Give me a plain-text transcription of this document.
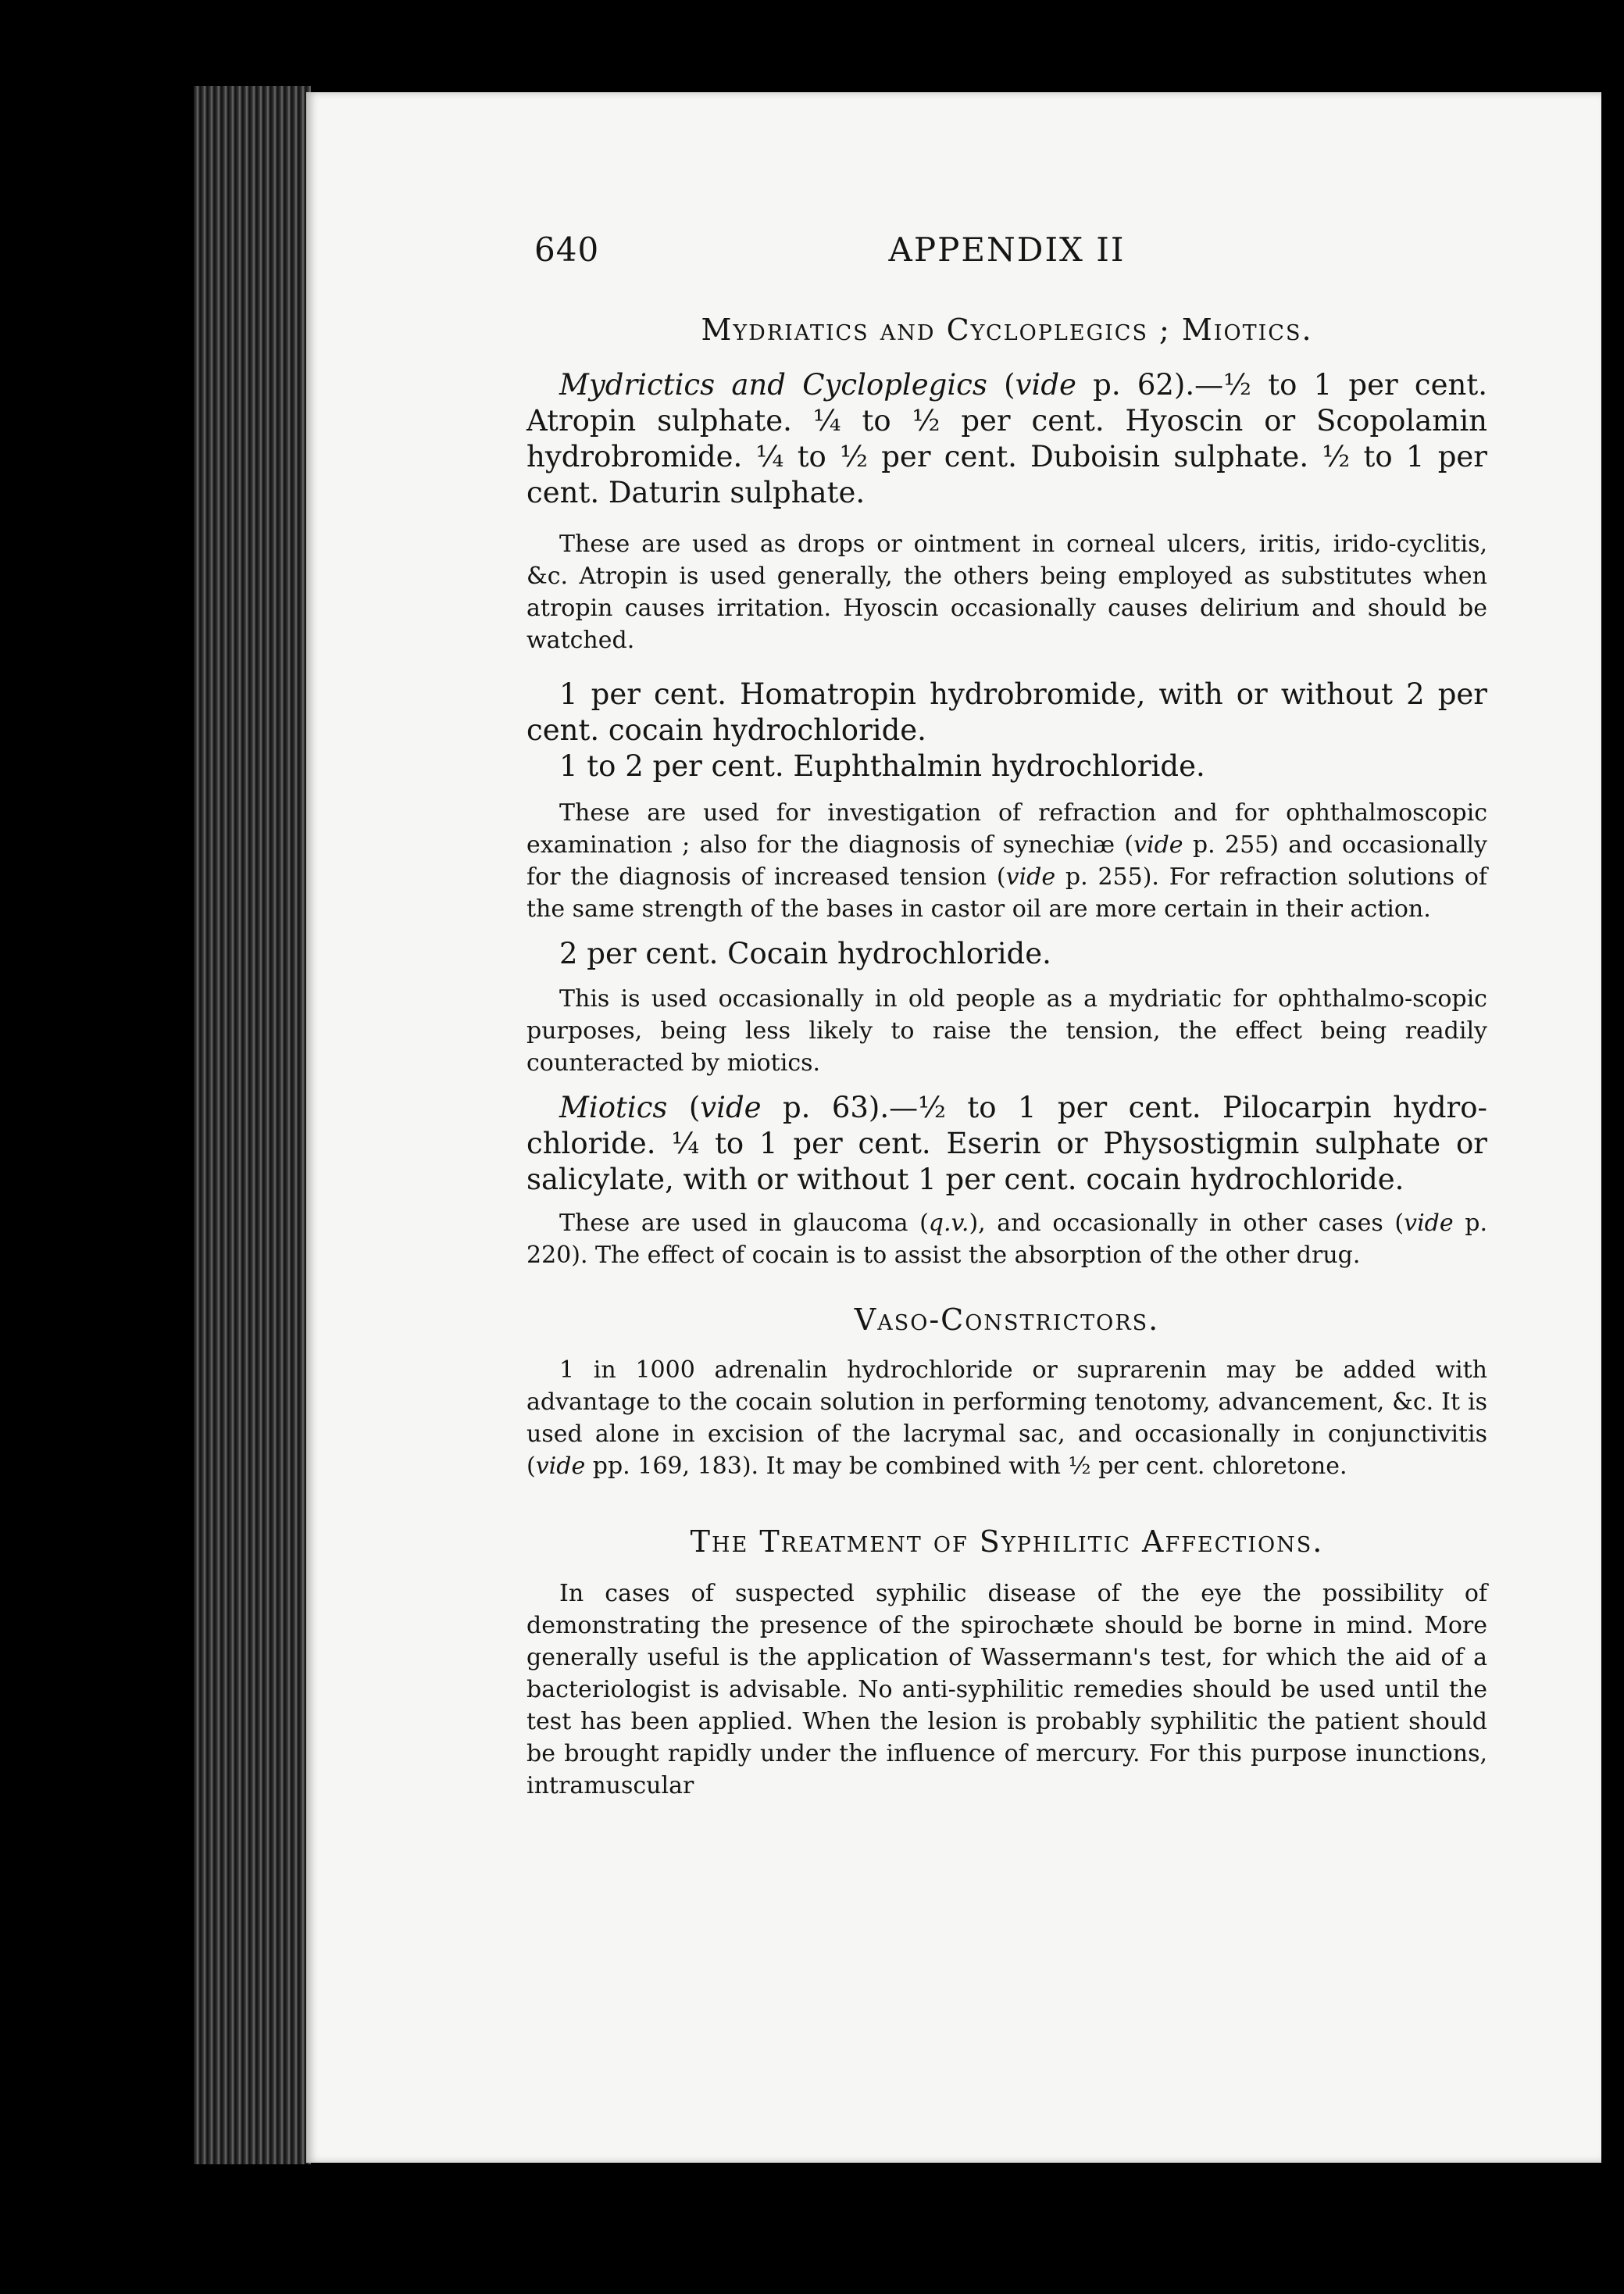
640	APPENDIX II
Mydriatics and Cycloplegics ; Miotics.

Mydrictics and Cycloplegics (vide p. 62).—½ to 1 per cent. Atropin sulphate. ¼ to ½ per cent. Hyoscin or Scopolamin hydrobromide. ¼ to ½ per cent. Duboisin sulphate. ½ to 1 per cent. Daturin sulphate.

These are used as drops or ointment in corneal ulcers, iritis, irido-cyclitis, &c. Atropin is used generally, the others being employed as substitutes when atropin causes irritation. Hyoscin occasionally causes delirium and should be watched.

1 per cent. Homatropin hydrobromide, with or without 2 per cent. cocain hydrochloride.

1 to 2 per cent. Euphthalmin hydrochloride.

These are used for investigation of refraction and for ophthalmoscopic examination ; also for the diagnosis of synechiæ (vide p. 255) and occasionally for the diagnosis of increased tension (vide p. 255). For refraction solutions of the same strength of the bases in castor oil are more certain in their action.

2 per cent. Cocain hydrochloride.

This is used occasionally in old people as a mydriatic for ophthalmo-scopic purposes, being less likely to raise the tension, the effect being readily counteracted by miotics.

Miotics (vide p. 63).—½ to 1 per cent. Pilocarpin hydro-chloride. ¼ to 1 per cent. Eserin or Physostigmin sulphate or salicylate, with or without 1 per cent. cocain hydrochloride.

These are used in glaucoma (q.v.), and occasionally in other cases (vide p. 220). The effect of cocain is to assist the absorption of the other drug.

Vaso-Constrictors.

1 in 1000 adrenalin hydrochloride or suprarenin may be added with advantage to the cocain solution in performing tenotomy, advancement, &c. It is used alone in excision of the lacrymal sac, and occasionally in conjunctivitis (vide pp. 169, 183). It may be combined with ½ per cent. chloretone.

The Treatment of Syphilitic Affections.

In cases of suspected syphilic disease of the eye the possibility of demonstrating the presence of the spirochæte should be borne in mind. More generally useful is the application of Wassermann's test, for which the aid of a bacteriologist is advisable. No anti-syphilitic remedies should be used until the test has been applied. When the lesion is probably syphilitic the patient should be brought rapidly under the influence of mercury. For this purpose inunctions, intramuscular
